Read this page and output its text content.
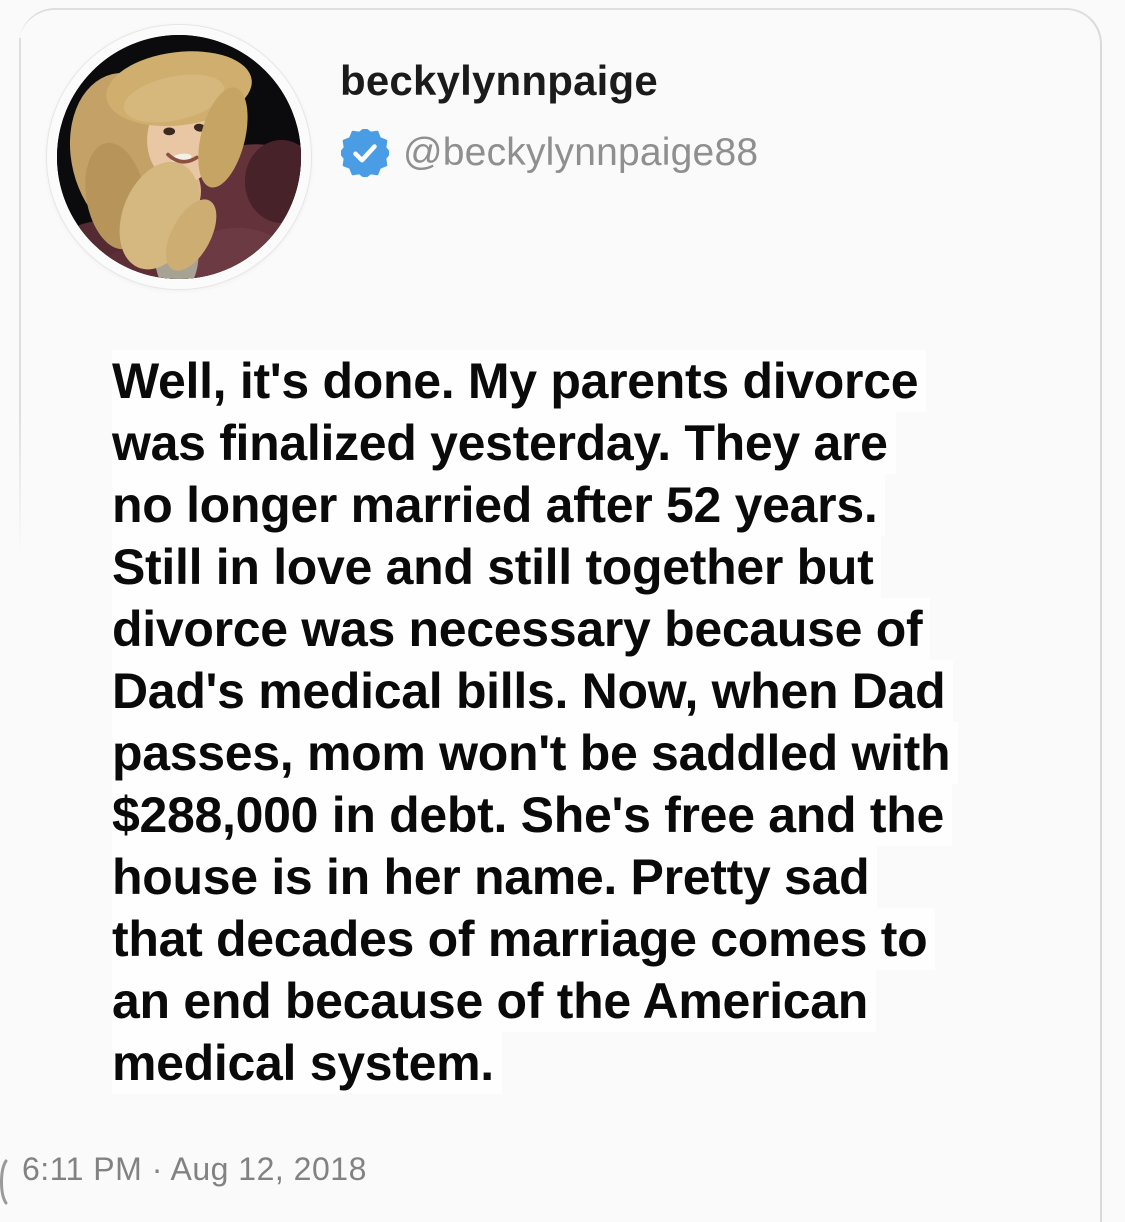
beckylynnpaige
@beckylynnpaige88
Well, it's done. My parents divorce
was finalized yesterday. They are
no longer married after 52 years.
Still in love and still together but
divorce was necessary because of
Dad's medical bills. Now, when Dad
passes, mom won't be saddled with
$288,000 in debt. She's free and the
house is in her name. Pretty sad
that decades of marriage comes to
an end because of the American
medical system.
6:11 PM · Aug 12, 2018
